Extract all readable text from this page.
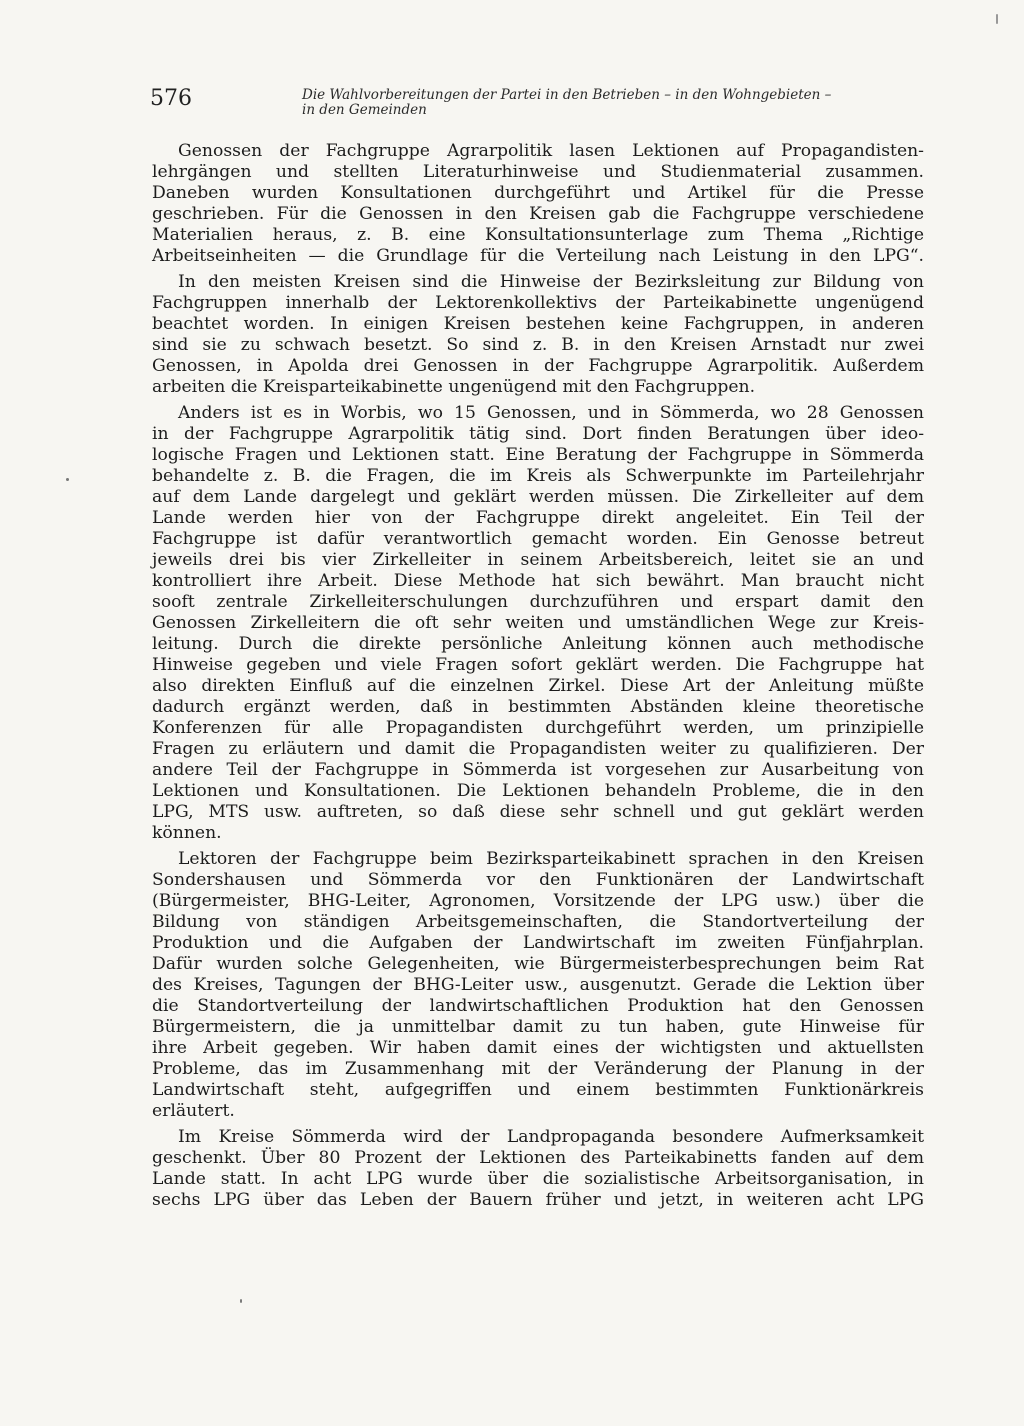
576	Die Wahlvorbereitungen der Partei in den Betrieben – in den Wohngebieten –
in den Gemeinden
Genossen der Fachgruppe Agrarpolitik lasen Lektionen auf Propagandisten-
lehrgängen und stellten Literaturhinweise und Studienmaterial zusammen.
Daneben wurden Konsultationen durchgeführt und Artikel für die Presse
geschrieben. Für die Genossen in den Kreisen gab die Fachgruppe verschiedene
Materialien heraus, z. B. eine Konsultationsunterlage zum Thema „Richtige
Arbeitseinheiten — die Grundlage für die Verteilung nach Leistung in den LPG“.
In den meisten Kreisen sind die Hinweise der Bezirksleitung zur Bildung von
Fachgruppen innerhalb der Lektorenkollektivs der Parteikabinette ungenügend
beachtet worden. In einigen Kreisen bestehen keine Fachgruppen, in anderen
sind sie zu schwach besetzt. So sind z. B. in den Kreisen Arnstadt nur zwei
Genossen, in Apolda drei Genossen in der Fachgruppe Agrarpolitik. Außerdem
arbeiten die Kreisparteikabinette ungenügend mit den Fachgruppen.
Anders ist es in Worbis, wo 15 Genossen, und in Sömmerda, wo 28 Genossen
in der Fachgruppe Agrarpolitik tätig sind. Dort finden Beratungen über ideo-
logische Fragen und Lektionen statt. Eine Beratung der Fachgruppe in Sömmerda
behandelte z. B. die Fragen, die im Kreis als Schwerpunkte im Parteilehrjahr
auf dem Lande dargelegt und geklärt werden müssen. Die Zirkelleiter auf dem
Lande werden hier von der Fachgruppe direkt angeleitet. Ein Teil der
Fachgruppe ist dafür verantwortlich gemacht worden. Ein Genosse betreut
jeweils drei bis vier Zirkelleiter in seinem Arbeitsbereich, leitet sie an und
kontrolliert ihre Arbeit. Diese Methode hat sich bewährt. Man braucht nicht
sooft zentrale Zirkelleiterschulungen durchzuführen und erspart damit den
Genossen Zirkelleitern die oft sehr weiten und umständlichen Wege zur Kreis-
leitung. Durch die direkte persönliche Anleitung können auch methodische
Hinweise gegeben und viele Fragen sofort geklärt werden. Die Fachgruppe hat
also direkten Einfluß auf die einzelnen Zirkel. Diese Art der Anleitung müßte
dadurch ergänzt werden, daß in bestimmten Abständen kleine theoretische
Konferenzen für alle Propagandisten durchgeführt werden, um prinzipielle
Fragen zu erläutern und damit die Propagandisten weiter zu qualifizieren. Der
andere Teil der Fachgruppe in Sömmerda ist vorgesehen zur Ausarbeitung von
Lektionen und Konsultationen. Die Lektionen behandeln Probleme, die in den
LPG, MTS usw. auftreten, so daß diese sehr schnell und gut geklärt werden
können.
Lektoren der Fachgruppe beim Bezirksparteikabinett sprachen in den Kreisen
Sondershausen und Sömmerda vor den Funktionären der Landwirtschaft
(Bürgermeister, BHG-Leiter, Agronomen, Vorsitzende der LPG usw.) über die
Bildung von ständigen Arbeitsgemeinschaften, die Standortverteilung der
Produktion und die Aufgaben der Landwirtschaft im zweiten Fünfjahrplan.
Dafür wurden solche Gelegenheiten, wie Bürgermeisterbesprechungen beim Rat
des Kreises, Tagungen der BHG-Leiter usw., ausgenutzt. Gerade die Lektion über
die Standortverteilung der landwirtschaftlichen Produktion hat den Genossen
Bürgermeistern, die ja unmittelbar damit zu tun haben, gute Hinweise für
ihre Arbeit gegeben. Wir haben damit eines der wichtigsten und aktuellsten
Probleme, das im Zusammenhang mit der Veränderung der Planung in der
Landwirtschaft steht, aufgegriffen und einem bestimmten Funktionärkreis
erläutert.
Im Kreise Sömmerda wird der Landpropaganda besondere Aufmerksamkeit
geschenkt. Über 80 Prozent der Lektionen des Parteikabinetts fanden auf dem
Lande statt. In acht LPG wurde über die sozialistische Arbeitsorganisation, in
sechs LPG über das Leben der Bauern früher und jetzt, in weiteren acht LPG
